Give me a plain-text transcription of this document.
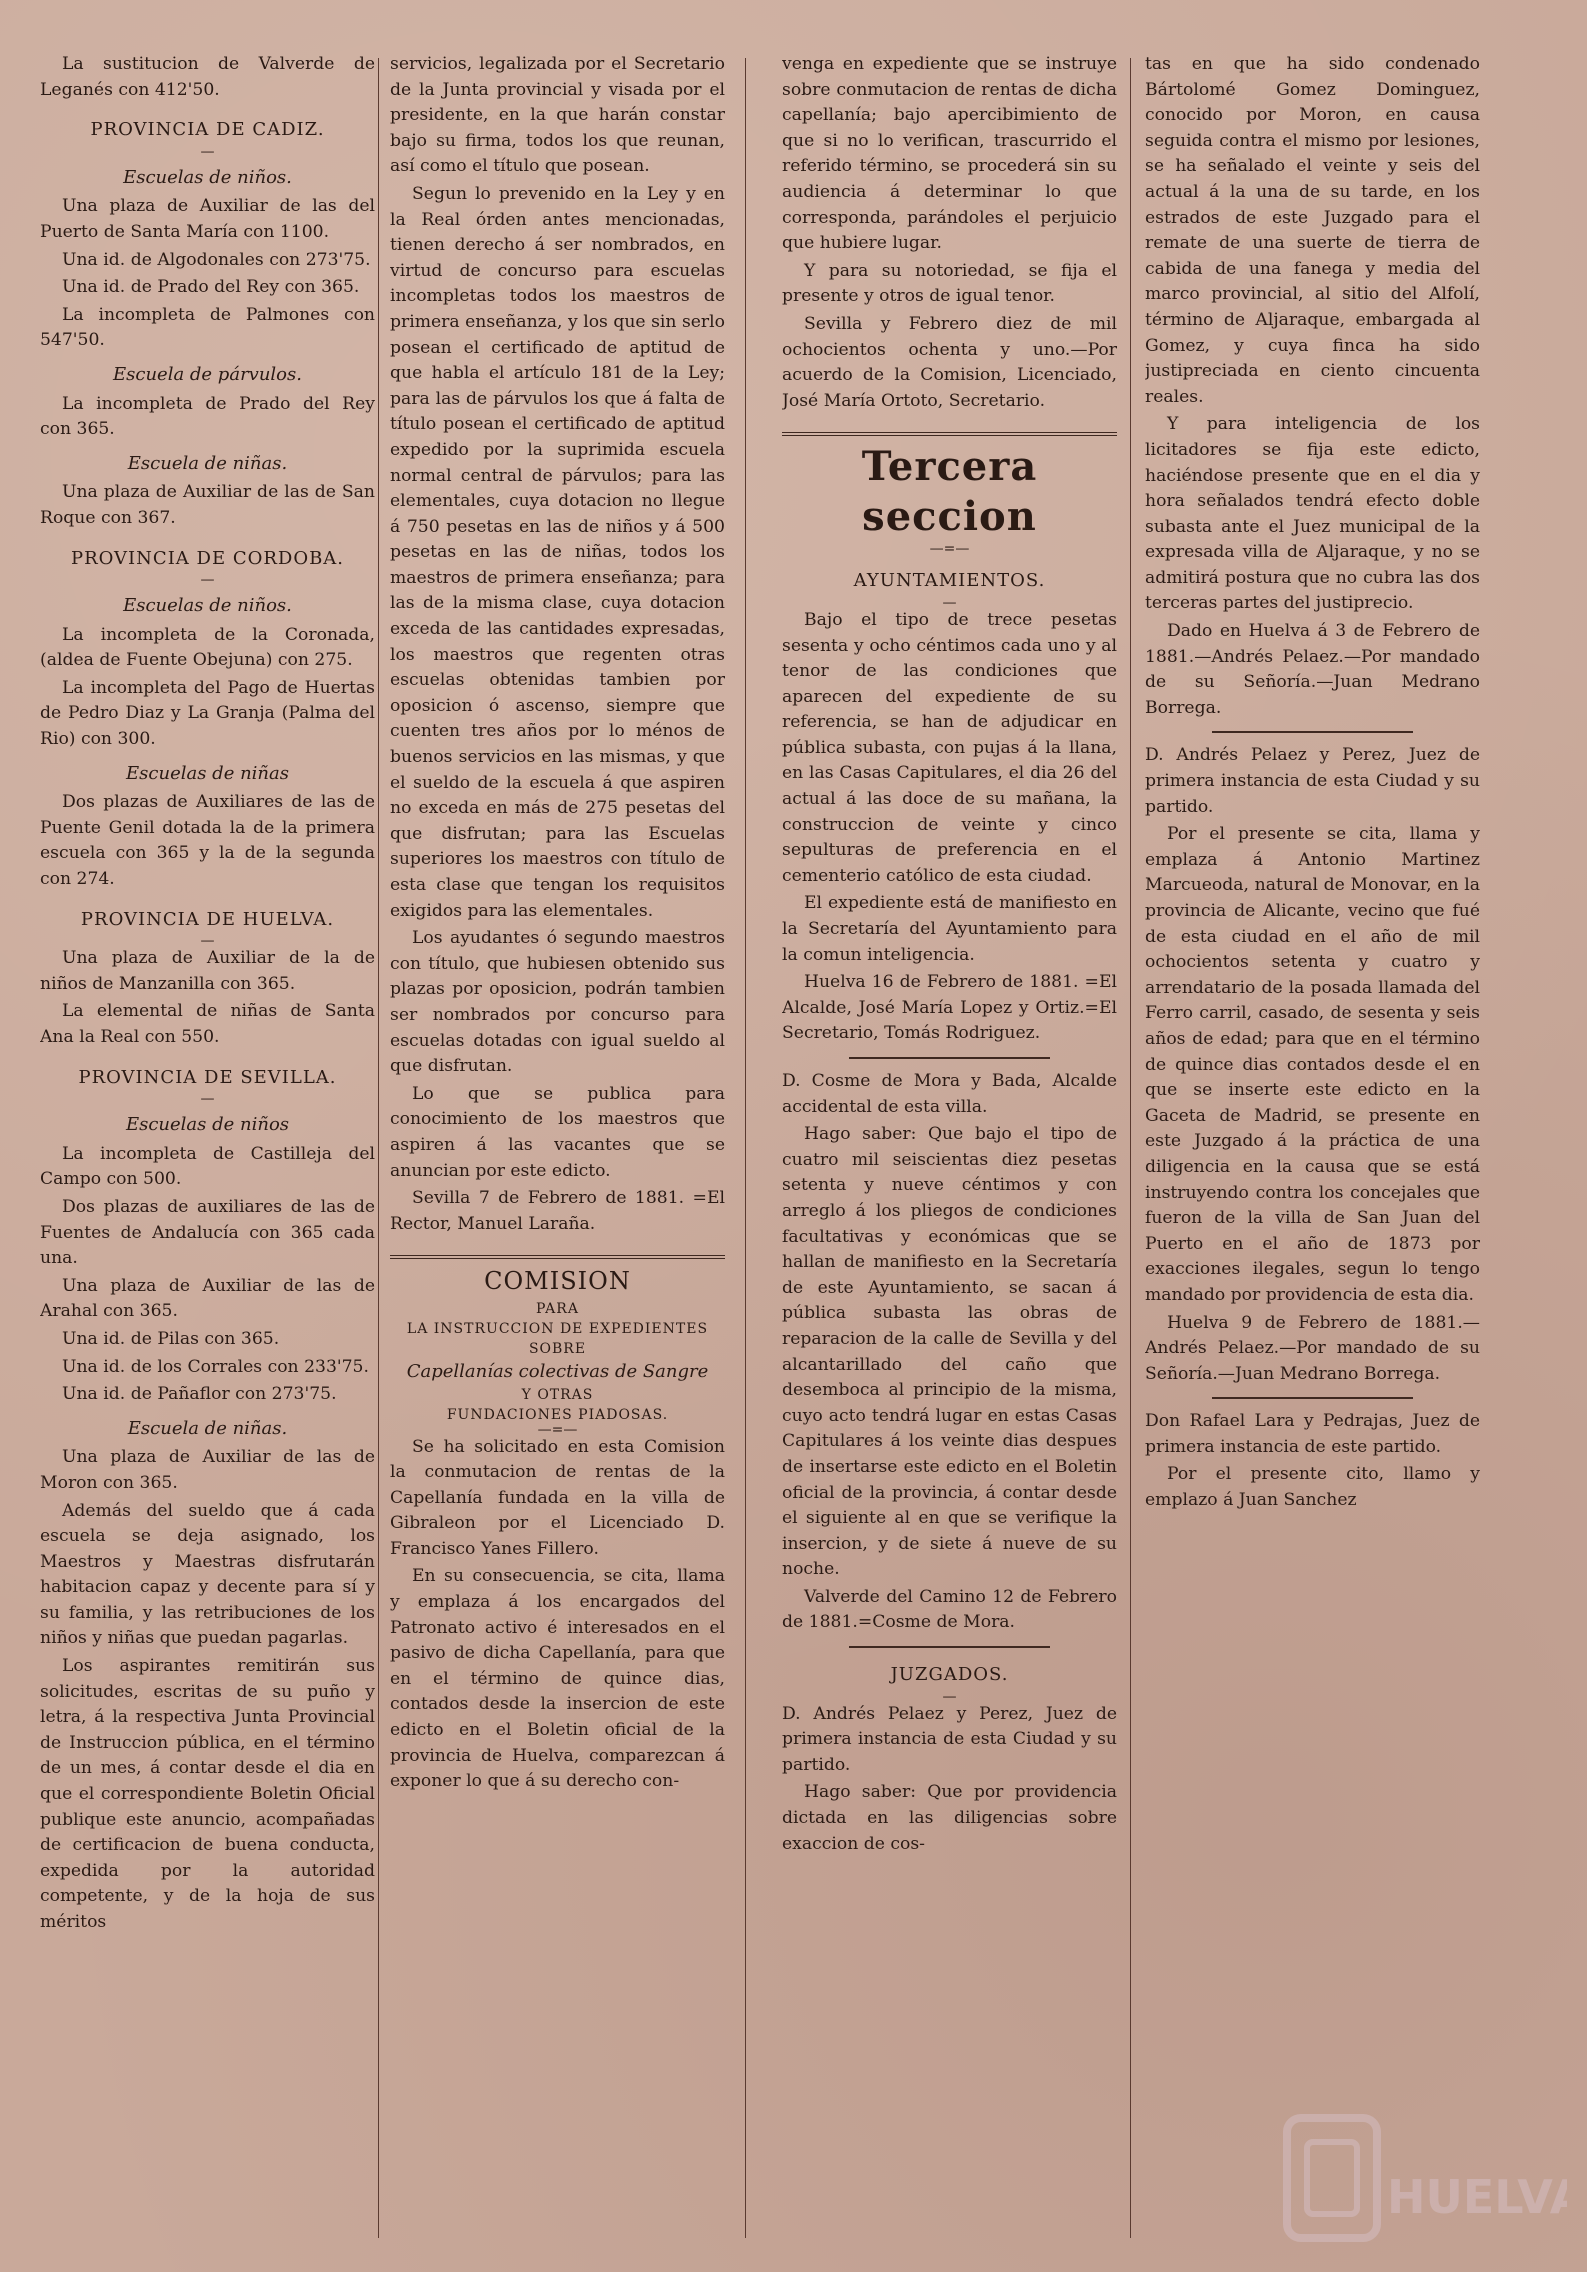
La sustitucion de Valverde de Leganés con 412'50.

PROVINCIA DE CADIZ.
—
Escuelas de niños.

Una plaza de Auxiliar de las del Puerto de Santa María con 1100.

Una id. de Algodonales con 273'75.

Una id. de Prado del Rey con 365.

La incompleta de Palmones con 547'50.

Escuela de párvulos.

La incompleta de Prado del Rey con 365.

Escuela de niñas.

Una plaza de Auxiliar de las de San Roque con 367.

PROVINCIA DE CORDOBA.
—
Escuelas de niños.

La incompleta de la Coronada, (aldea de Fuente Obejuna) con 275.

La incompleta del Pago de Huertas de Pedro Diaz y La Granja (Palma del Rio) con 300.

Escuelas de niñas

Dos plazas de Auxiliares de las de Puente Genil dotada la de la primera escuela con 365 y la de la segunda con 274.

PROVINCIA DE HUELVA.
—

Una plaza de Auxiliar de la de niños de Manzanilla con 365.

La elemental de niñas de Santa Ana la Real con 550.

PROVINCIA DE SEVILLA.
—
Escuelas de niños

La incompleta de Castilleja del Campo con 500.

Dos plazas de auxiliares de las de Fuentes de Andalucía con 365 cada una.

Una plaza de Auxiliar de las de Arahal con 365.

Una id. de Pilas con 365.

Una id. de los Corrales con 233'75.

Una id. de Pañaflor con 273'75.

Escuela de niñas.

Una plaza de Auxiliar de las de Moron con 365.

Además del sueldo que á cada escuela se deja asignado, los Maestros y Maestras disfrutarán habitacion capaz y decente para sí y su familia, y las retribuciones de los niños y niñas que puedan pagarlas.

Los aspirantes remitirán sus solicitudes, escritas de su puño y letra, á la respectiva Junta Provincial de Instruccion pública, en el término de un mes, á contar desde el dia en que el correspondiente Boletin Oficial publique este anuncio, acompañadas de certificacion de buena conducta, expedida por la autoridad competente, y de la hoja de sus méritos

servicios, legalizada por el Secretario de la Junta provincial y visada por el presidente, en la que harán constar bajo su firma, todos los que reunan, así como el título que posean.

Segun lo prevenido en la Ley y en la Real órden antes mencionadas, tienen derecho á ser nombrados, en virtud de concurso para escuelas incompletas todos los maestros de primera enseñanza, y los que sin serlo posean el certificado de aptitud de que habla el artículo 181 de la Ley; para las de párvulos los que á falta de título posean el certificado de aptitud expedido por la suprimida escuela normal central de párvulos; para las elementales, cuya dotacion no llegue á 750 pesetas en las de niños y á 500 pesetas en las de niñas, todos los maestros de primera enseñanza; para las de la misma clase, cuya dotacion exceda de las cantidades expresadas, los maestros que regenten otras escuelas obtenidas tambien por oposicion ó ascenso, siempre que cuenten tres años por lo ménos de buenos servicios en las mismas, y que el sueldo de la escuela á que aspiren no exceda en más de 275 pesetas del que disfrutan; para las Escuelas superiores los maestros con título de esta clase que tengan los requisitos exigidos para las elementales.

Los ayudantes ó segundo maestros con título, que hubiesen obtenido sus plazas por oposicion, podrán tambien ser nombrados por concurso para escuelas dotadas con igual sueldo al que disfrutan.

Lo que se publica para conocimiento de los maestros que aspiren á las vacantes que se anuncian por este edicto.

Sevilla 7 de Febrero de 1881. =El Rector, Manuel Laraña.

COMISION
PARA
LA INSTRUCCION DE EXPEDIENTES
SOBRE
Capellanías colectivas de Sangre
Y OTRAS
FUNDACIONES PIADOSAS.
—=—

Se ha solicitado en esta Comision la conmutacion de rentas de la Capellanía fundada en la villa de Gibraleon por el Licenciado D. Francisco Yanes Fillero.

En su consecuencia, se cita, llama y emplaza á los encargados del Patronato activo é interesados en el pasivo de dicha Capellanía, para que en el término de quince dias, contados desde la insercion de este edicto en el Boletin oficial de la provincia de Huelva, comparezcan á exponer lo que á su derecho con-

venga en expediente que se instruye sobre conmutacion de rentas de dicha capellanía; bajo apercibimiento de que si no lo verifican, trascurrido el referido término, se procederá sin su audiencia á determinar lo que corresponda, parándoles el perjuicio que hubiere lugar.

Y para su notoriedad, se fija el presente y otros de igual tenor.

Sevilla y Febrero diez de mil ochocientos ochenta y uno.—Por acuerdo de la Comision, Licenciado, José María Ortoto, Secretario.

Tercera seccion
—=—
AYUNTAMIENTOS.
—

Bajo el tipo de trece pesetas sesenta y ocho céntimos cada uno y al tenor de las condiciones que aparecen del expediente de su referencia, se han de adjudicar en pública subasta, con pujas á la llana, en las Casas Capitulares, el dia 26 del actual á las doce de su mañana, la construccion de veinte y cinco sepulturas de preferencia en el cementerio católico de esta ciudad.

El expediente está de manifiesto en la Secretaría del Ayuntamiento para la comun inteligencia.

Huelva 16 de Febrero de 1881. =El Alcalde, José María Lopez y Ortiz.=El Secretario, Tomás Rodriguez.

D. Cosme de Mora y Bada, Alcalde accidental de esta villa.

Hago saber: Que bajo el tipo de cuatro mil seiscientas diez pesetas setenta y nueve céntimos y con arreglo á los pliegos de condiciones facultativas y económicas que se hallan de manifiesto en la Secretaría de este Ayuntamiento, se sacan á pública subasta las obras de reparacion de la calle de Sevilla y del alcantarillado del caño que desemboca al principio de la misma, cuyo acto tendrá lugar en estas Casas Capitulares á los veinte dias despues de insertarse este edicto en el Boletin oficial de la provincia, á contar desde el siguiente al en que se verifique la insercion, y de siete á nueve de su noche.

Valverde del Camino 12 de Febrero de 1881.=Cosme de Mora.

JUZGADOS.
—

D. Andrés Pelaez y Perez, Juez de primera instancia de esta Ciudad y su partido.

Hago saber: Que por providencia dictada en las diligencias sobre exaccion de cos-

tas en que ha sido condenado Bártolomé Gomez Dominguez, conocido por Moron, en causa seguida contra el mismo por lesiones, se ha señalado el veinte y seis del actual á la una de su tarde, en los estrados de este Juzgado para el remate de una suerte de tierra de cabida de una fanega y media del marco provincial, al sitio del Alfolí, término de Aljaraque, embargada al Gomez, y cuya finca ha sido justipreciada en ciento cincuenta reales.

Y para inteligencia de los licitadores se fija este edicto, haciéndose presente que en el dia y hora señalados tendrá efecto doble subasta ante el Juez municipal de la expresada villa de Aljaraque, y no se admitirá postura que no cubra las dos terceras partes del justiprecio.

Dado en Huelva á 3 de Febrero de 1881.—Andrés Pelaez.—Por mandado de su Señoría.—Juan Medrano Borrega.

D. Andrés Pelaez y Perez, Juez de primera instancia de esta Ciudad y su partido.

Por el presente se cita, llama y emplaza á Antonio Martinez Marcueoda, natural de Monovar, en la provincia de Alicante, vecino que fué de esta ciudad en el año de mil ochocientos setenta y cuatro y arrendatario de la posada llamada del Ferro carril, casado, de sesenta y seis años de edad; para que en el término de quince dias contados desde el en que se inserte este edicto en la Gaceta de Madrid, se presente en este Juzgado á la práctica de una diligencia en la causa que se está instruyendo contra los concejales que fueron de la villa de San Juan del Puerto en el año de 1873 por exacciones ilegales, segun lo tengo mandado por providencia de esta dia.

Huelva 9 de Febrero de 1881.—Andrés Pelaez.—Por mandado de su Señoría.—Juan Medrano Borrega.

Don Rafael Lara y Pedrajas, Juez de primera instancia de este partido.

Por el presente cito, llamo y emplazo á Juan Sanchez

HUELVA
